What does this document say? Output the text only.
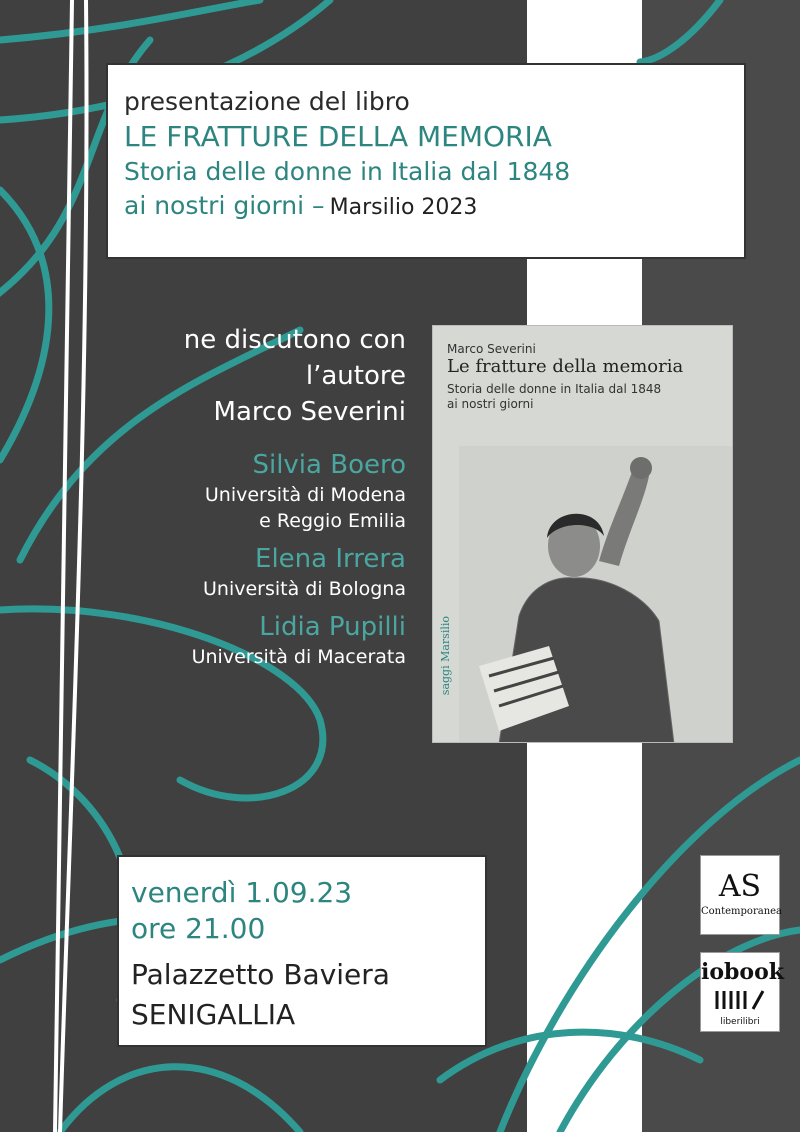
presentazione del libro
LE FRATTURE DELLA MEMORIA
Storia delle donne in Italia dal 1848
ai nostri giorni – Marsilio 2023
ne discutono con
l’autore
Marco Severini
Silvia Boero
Università di Modena
e Reggio Emilia
Elena Irrera
Università di Bologna
Lidia Pupilli
Università di Macerata
Marco Severini
Le fratture della memoria
Storia delle donne in Italia dal 1848 ai nostri giorni
saggi Marsilio
venerdì 1.09.23
ore 21.00
Palazzetto Baviera
SENIGALLIA
AS
Contemporanea
iobook
liberilibri
